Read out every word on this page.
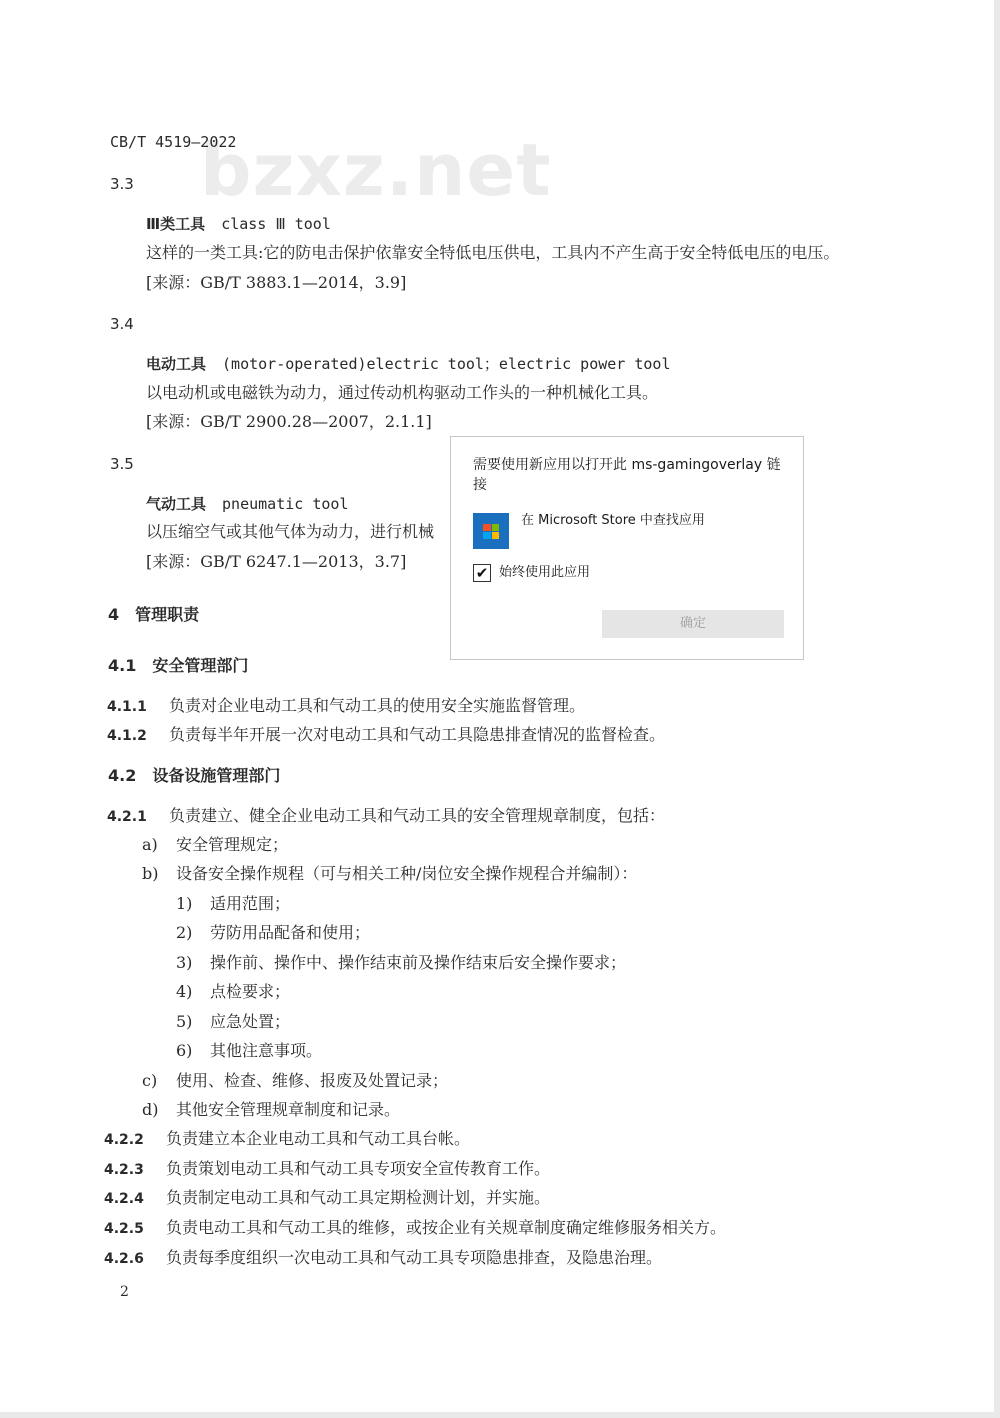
bzxz.net
CB/T 4519—2022
3.3
Ⅲ类工具 class Ⅲ tool
这样的一类工具:它的防电击保护依靠安全特低电压供电，工具内不产生高于安全特低电压的电压。
[来源：GB/T 3883.1—2014，3.9]
3.4
电动工具 (motor-operated)electric tool；electric power tool
以电动机或电磁铁为动力，通过传动机构驱动工作头的一种机械化工具。
[来源：GB/T 2900.28—2007，2.1.1]
3.5
气动工具 pneumatic tool
以压缩空气或其他气体为动力，进行机械
[来源：GB/T 6247.1—2013，3.7]
4　管理职责
4.1　安全管理部门
4.1.1 负责对企业电动工具和气动工具的使用安全实施监督管理。
4.1.2 负责每半年开展一次对电动工具和气动工具隐患排查情况的监督检查。
4.2　设备设施管理部门
4.2.1 负责建立、健全企业电动工具和气动工具的安全管理规章制度，包括：
a) 安全管理规定；
b) 设备安全操作规程（可与相关工种/岗位安全操作规程合并编制）：
1) 适用范围；
2) 劳防用品配备和使用；
3) 操作前、操作中、操作结束前及操作结束后安全操作要求；
4) 点检要求；
5) 应急处置；
6) 其他注意事项。
c) 使用、检查、维修、报废及处置记录；
d) 其他安全管理规章制度和记录。
4.2.2 负责建立本企业电动工具和气动工具台帐。
4.2.3 负责策划电动工具和气动工具专项安全宣传教育工作。
4.2.4 负责制定电动工具和气动工具定期检测计划，并实施。
4.2.5 负责电动工具和气动工具的维修，或按企业有关规章制度确定维修服务相关方。
4.2.6 负责每季度组织一次电动工具和气动工具专项隐患排查，及隐患治理。
2
需要使用新应用以打开此 ms-gamingoverlay 链接
在 Microsoft Store 中查找应用
✔ 始终使用此应用
确定
